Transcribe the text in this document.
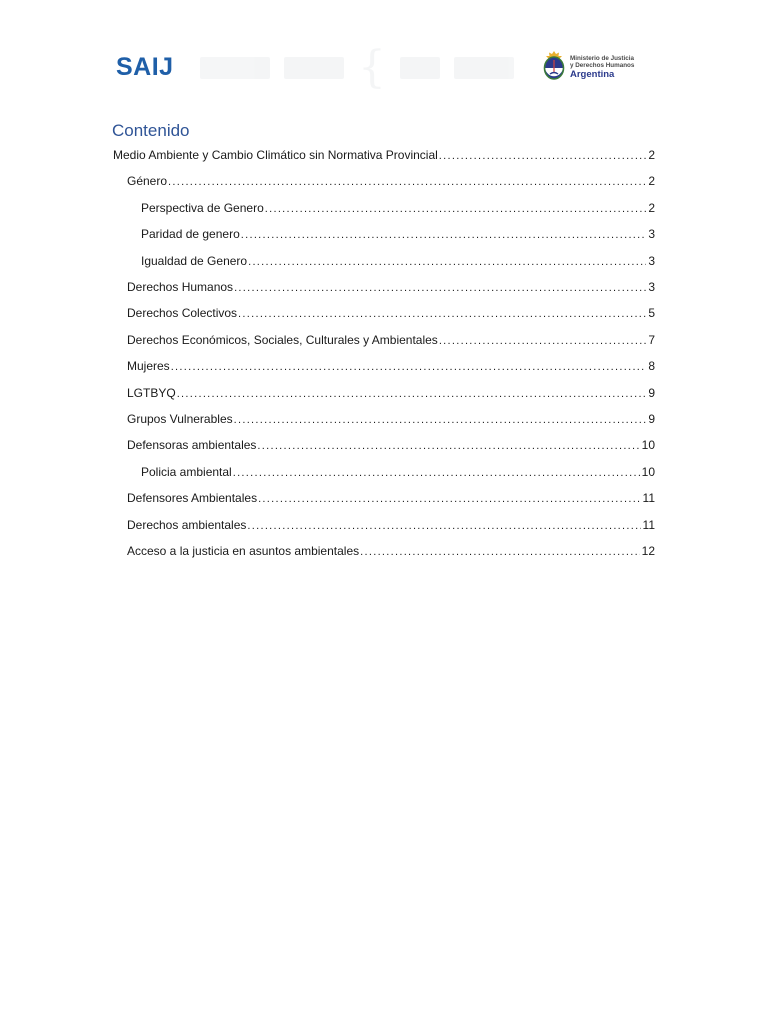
SAIJ	{	Ministerio de Justicia
y Derechos Humanos
Argentina
Contenido
Medio Ambiente y Cambio Climático sin Normativa Provincial .....	2
Género .....	2
Perspectiva de Genero .....	2
Paridad de genero .....	3
Igualdad de Genero .....	3
Derechos Humanos .....	3
Derechos Colectivos .....	5
Derechos Económicos, Sociales, Culturales y Ambientales .....	7
Mujeres .....	8
LGTBYQ .....	9
Grupos Vulnerables .....	9
Defensoras ambientales .....	10
Policia ambiental .....	10
Defensores Ambientales .....	11
Derechos ambientales .....	11
Acceso a la justicia en asuntos ambientales .....	12
